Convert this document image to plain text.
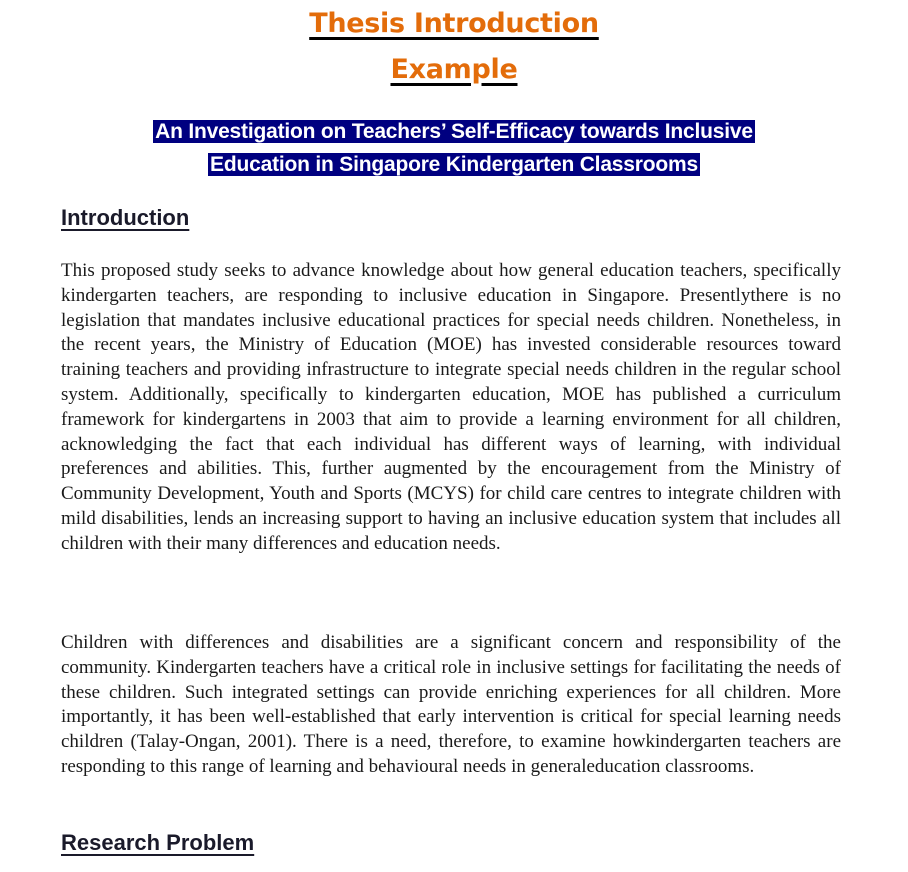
Thesis Introduction
Example
An Investigation on Teachers’ Self-Efficacy towards Inclusive
Education in Singapore Kindergarten Classrooms
Introduction

This proposed study seeks to advance knowledge about how general education teachers, specifically kindergarten teachers, are responding to inclusive education in Singapore. Presentlythere is no legislation that mandates inclusive educational practices for special needs children. Nonetheless, in the recent years, the Ministry of Education (MOE) has invested considerable resources toward training teachers and providing infrastructure to integrate special needs children in the regular school system. Additionally, specifically to kindergarten education, MOE has published a curriculum framework for kindergartens in 2003 that aim to provide a learning environment for all children, acknowledging the fact that each individual has different ways of learning, with individual preferences and abilities. This, further augmented by the encouragement from the Ministry of Community Development, Youth and Sports (MCYS) for child care centres to integrate children with mild disabilities, lends an increasing support to having an inclusive education system that includes all children with their many differences and education needs.

Children with differences and disabilities are a significant concern and responsibility of the community. Kindergarten teachers have a critical role in inclusive settings for facilitating the needs of these children. Such integrated settings can provide enriching experiences for all children. More importantly, it has been well-established that early intervention is critical for special learning needs children (Talay-Ongan, 2001). There is a need, therefore, to examine howkindergarten teachers are responding to this range of learning and behavioural needs in generaleducation classrooms.

Research Problem
